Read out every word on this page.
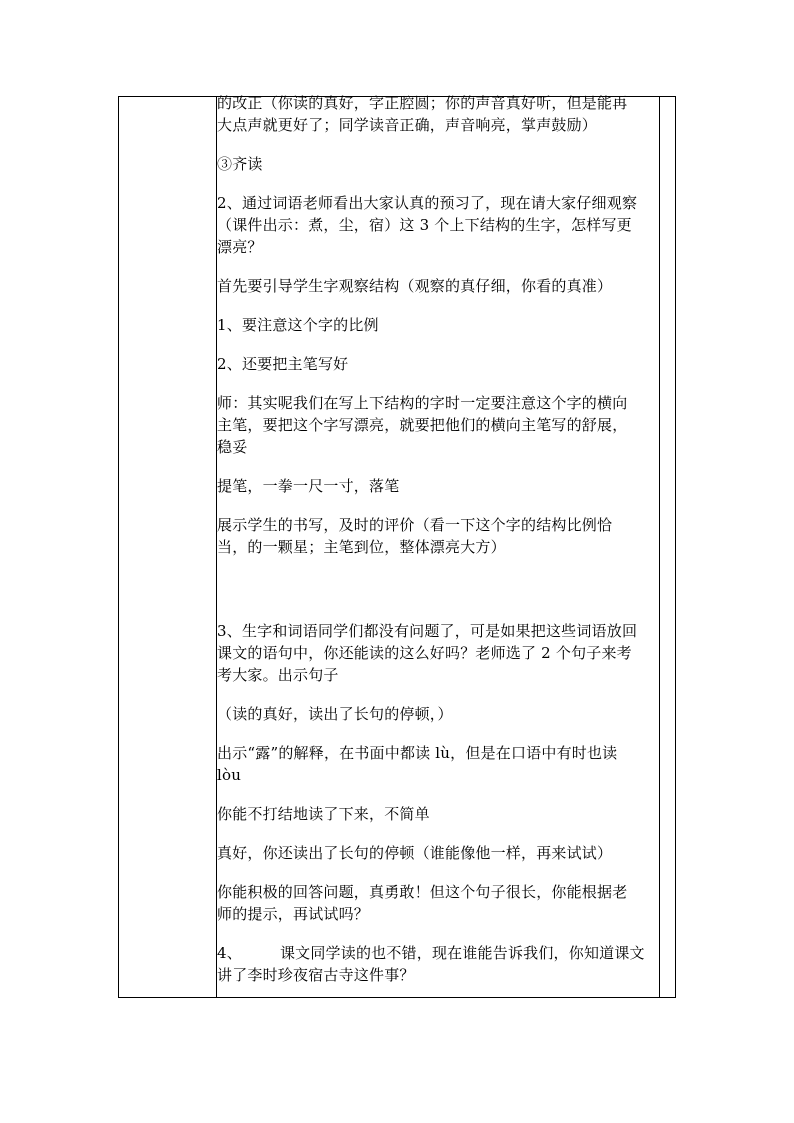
的改正（你读的真好，字正腔圆；你的声音真好听，但是能再
大点声就更好了；同学读音正确，声音响亮，掌声鼓励）

③齐读

2、通过词语老师看出大家认真的预习了，现在请大家仔细观察
（课件出示：煮，尘，宿）这 3 个上下结构的生字，怎样写更
漂亮？

首先要引导学生字观察结构（观察的真仔细，你看的真准）

1、要注意这个字的比例

2、还要把主笔写好

师：其实呢我们在写上下结构的字时一定要注意这个字的横向
主笔，要把这个字写漂亮，就要把他们的横向主笔写的舒展，
稳妥

提笔，一拳一尺一寸，落笔

展示学生的书写，及时的评价（看一下这个字的结构比例恰
当，的一颗星；主笔到位，整体漂亮大方）

3、生字和词语同学们都没有问题了，可是如果把这些词语放回
课文的语句中，你还能读的这么好吗？老师选了 2 个句子来考
考大家。出示句子

（读的真好，读出了长句的停顿，）

出示“露”的解释，在书面中都读 lù，但是在口语中有时也读
lòu

你能不打结地读了下来，不简单

真好，你还读出了长句的停顿（谁能像他一样，再来试试）

你能积极的回答问题，真勇敢！但这个句子很长，你能根据老
师的提示，再试试吗？

4、	课文同学读的也不错，现在谁能告诉我们，你知道课文
讲了李时珍夜宿古寺这件事？
